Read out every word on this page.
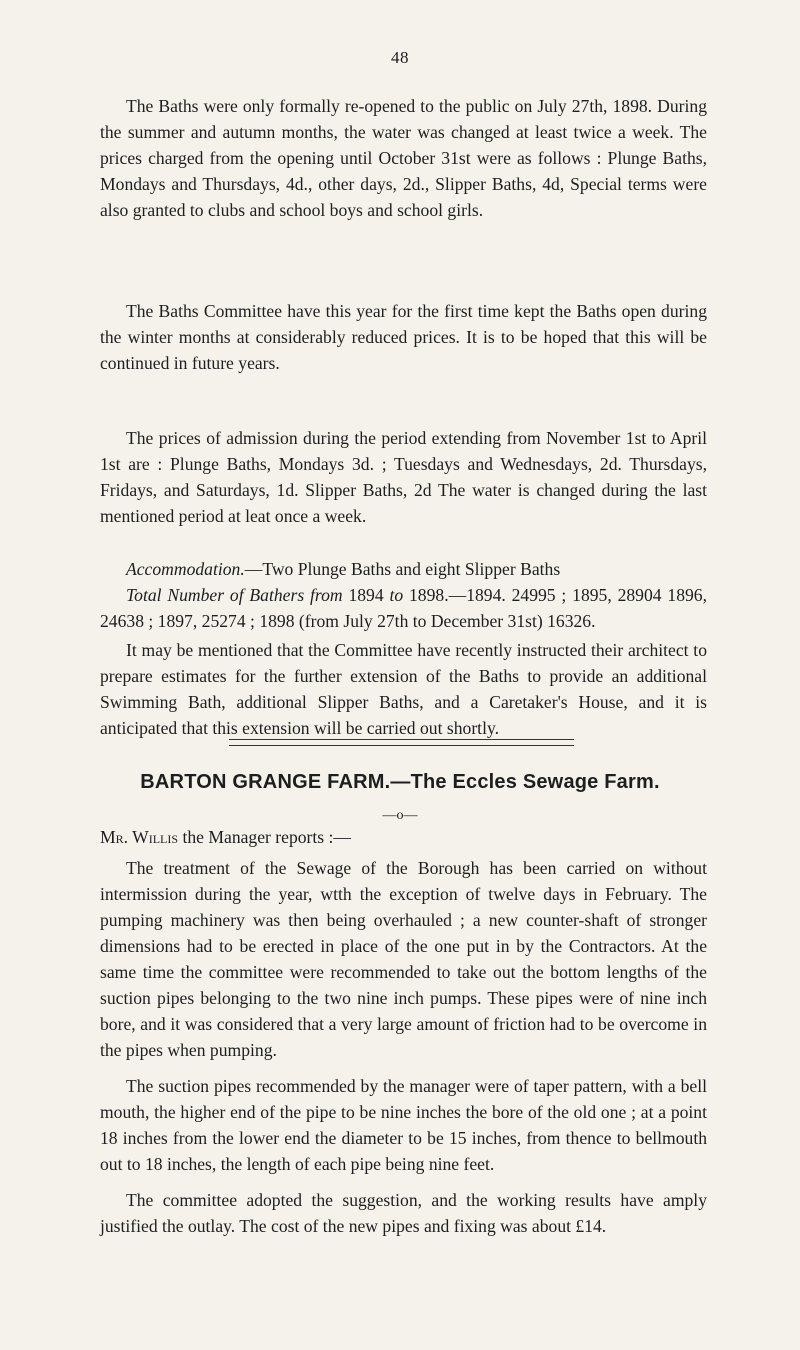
48

The Baths were only formally re-opened to the public on July 27th, 1898. During the summer and autumn months, the water was changed at least twice a week. The prices charged from the opening until October 31st were as follows : Plunge Baths, Mondays and Thursdays, 4d., other days, 2d., Slipper Baths, 4d, Special terms were also granted to clubs and school boys and school girls.

The Baths Committee have this year for the first time kept the Baths open during the winter months at considerably reduced prices. It is to be hoped that this will be continued in future years.

The prices of admission during the period extending from November 1st to April 1st are : Plunge Baths, Mondays 3d. ; Tuesdays and Wednesdays, 2d. Thursdays, Fridays, and Saturdays, 1d. Slipper Baths, 2d The water is changed during the last mentioned period at leat once a week.

Accommodation.—Two Plunge Baths and eight Slipper Baths

Total Number of Bathers from 1894 to 1898.—1894. 24995 ; 1895, 28904 1896, 24638 ; 1897, 25274 ; 1898 (from July 27th to December 31st) 16326.

It may be mentioned that the Committee have recently instructed their architect to prepare estimates for the further extension of the Baths to provide an additional Swimming Bath, additional Slipper Baths, and a Caretaker's House, and it is anticipated that this extension will be carried out shortly.

BARTON GRANGE FARM.—The Eccles Sewage Farm.
—o—
Mr. Willis the Manager reports :—

The treatment of the Sewage of the Borough has been carried on without intermission during the year, wtth the exception of twelve days in February. The pumping machinery was then being overhauled ; a new counter-shaft of stronger dimensions had to be erected in place of the one put in by the Contractors. At the same time the committee were recommended to take out the bottom lengths of the suction pipes belonging to the two nine inch pumps. These pipes were of nine inch bore, and it was considered that a very large amount of friction had to be overcome in the pipes when pumping.

The suction pipes recommended by the manager were of taper pattern, with a bell mouth, the higher end of the pipe to be nine inches the bore of the old one ; at a point 18 inches from the lower end the diameter to be 15 inches, from thence to bellmouth out to 18 inches, the length of each pipe being nine feet.

The committee adopted the suggestion, and the working results have amply justified the outlay. The cost of the new pipes and fixing was about £14.
